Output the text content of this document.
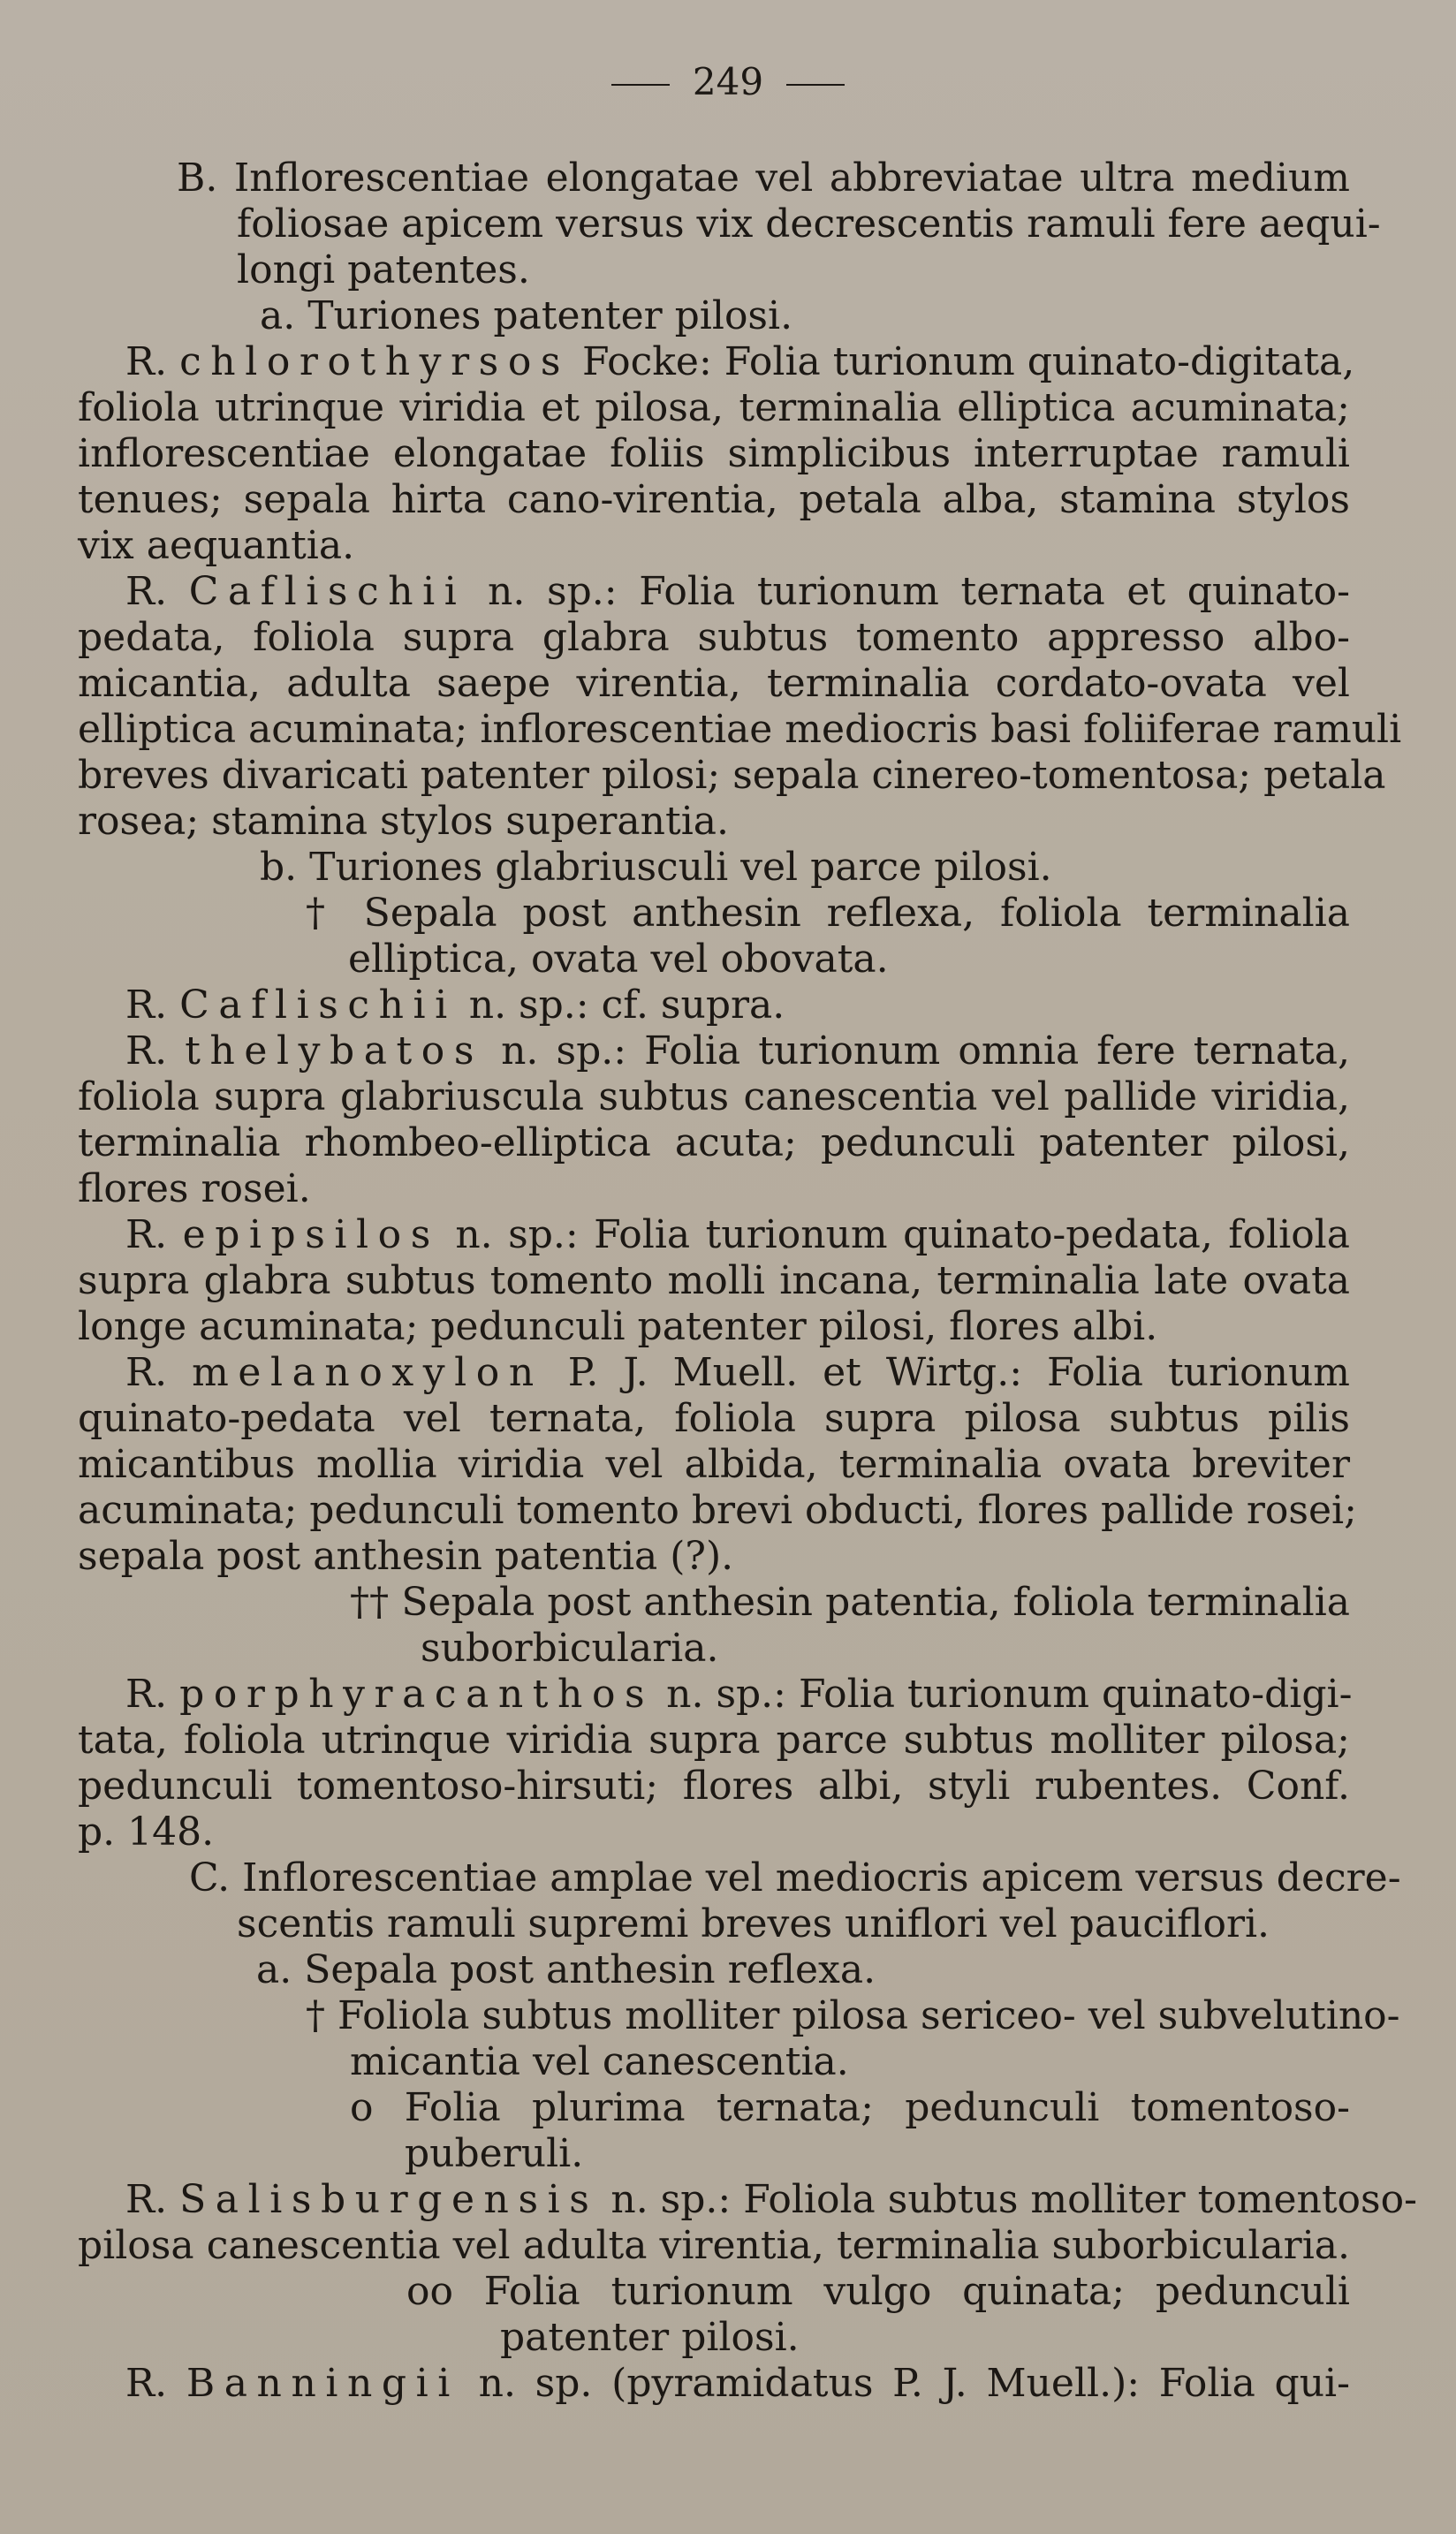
249
B. Inflorescentiae elongatae vel abbreviatae ultra medium
foliosae apicem versus vix decrescentis ramuli fere aequi-
longi patentes.
a. Turiones patenter pilosi.
R. chlorothyrsos Focke: Folia turionum quinato-digitata,
foliola utrinque viridia et pilosa, terminalia elliptica acuminata;
inflorescentiae elongatae foliis simplicibus interruptae ramuli
tenues; sepala hirta cano-virentia, petala alba, stamina stylos
vix aequantia.
R. Caflischii n. sp.: Folia turionum ternata et quinato-
pedata, foliola supra glabra subtus tomento appresso albo-
micantia, adulta saepe virentia, terminalia cordato-ovata vel
elliptica acuminata; inflorescentiae mediocris basi foliiferae ramuli
breves divaricati patenter pilosi; sepala cinereo-tomentosa; petala
rosea; stamina stylos superantia.
b. Turiones glabriusculi vel parce pilosi.
† Sepala post anthesin reflexa, foliola terminalia
elliptica, ovata vel obovata.
R. Caflischii n. sp.: cf. supra.
R. thelybatos n. sp.: Folia turionum omnia fere ternata,
foliola supra glabriuscula subtus canescentia vel pallide viridia,
terminalia rhombeo-elliptica acuta; pedunculi patenter pilosi,
flores rosei.
R. epipsilos n. sp.: Folia turionum quinato-pedata, foliola
supra glabra subtus tomento molli incana, terminalia late ovata
longe acuminata; pedunculi patenter pilosi, flores albi.
R. melanoxylon P. J. Muell. et Wirtg.: Folia turionum
quinato-pedata vel ternata, foliola supra pilosa subtus pilis
micantibus mollia viridia vel albida, terminalia ovata breviter
acuminata; pedunculi tomento brevi obducti, flores pallide rosei;
sepala post anthesin patentia (?).
†† Sepala post anthesin patentia, foliola terminalia
suborbicularia.
R. porphyracanthos n. sp.: Folia turionum quinato-digi-
tata, foliola utrinque viridia supra parce subtus molliter pilosa;
pedunculi tomentoso-hirsuti; flores albi, styli rubentes. Conf.
p. 148.
C. Inflorescentiae amplae vel mediocris apicem versus decre-
scentis ramuli supremi breves uniflori vel pauciflori.
a. Sepala post anthesin reflexa.
† Foliola subtus molliter pilosa sericeo- vel subvelutino-
micantia vel canescentia.
o Folia plurima ternata; pedunculi tomentoso-
puberuli.
R. Salisburgensis n. sp.: Foliola subtus molliter tomentoso-
pilosa canescentia vel adulta virentia, terminalia suborbicularia.
oo Folia turionum vulgo quinata; pedunculi
patenter pilosi.
R. Banningii n. sp. (pyramidatus P. J. Muell.): Folia qui-
